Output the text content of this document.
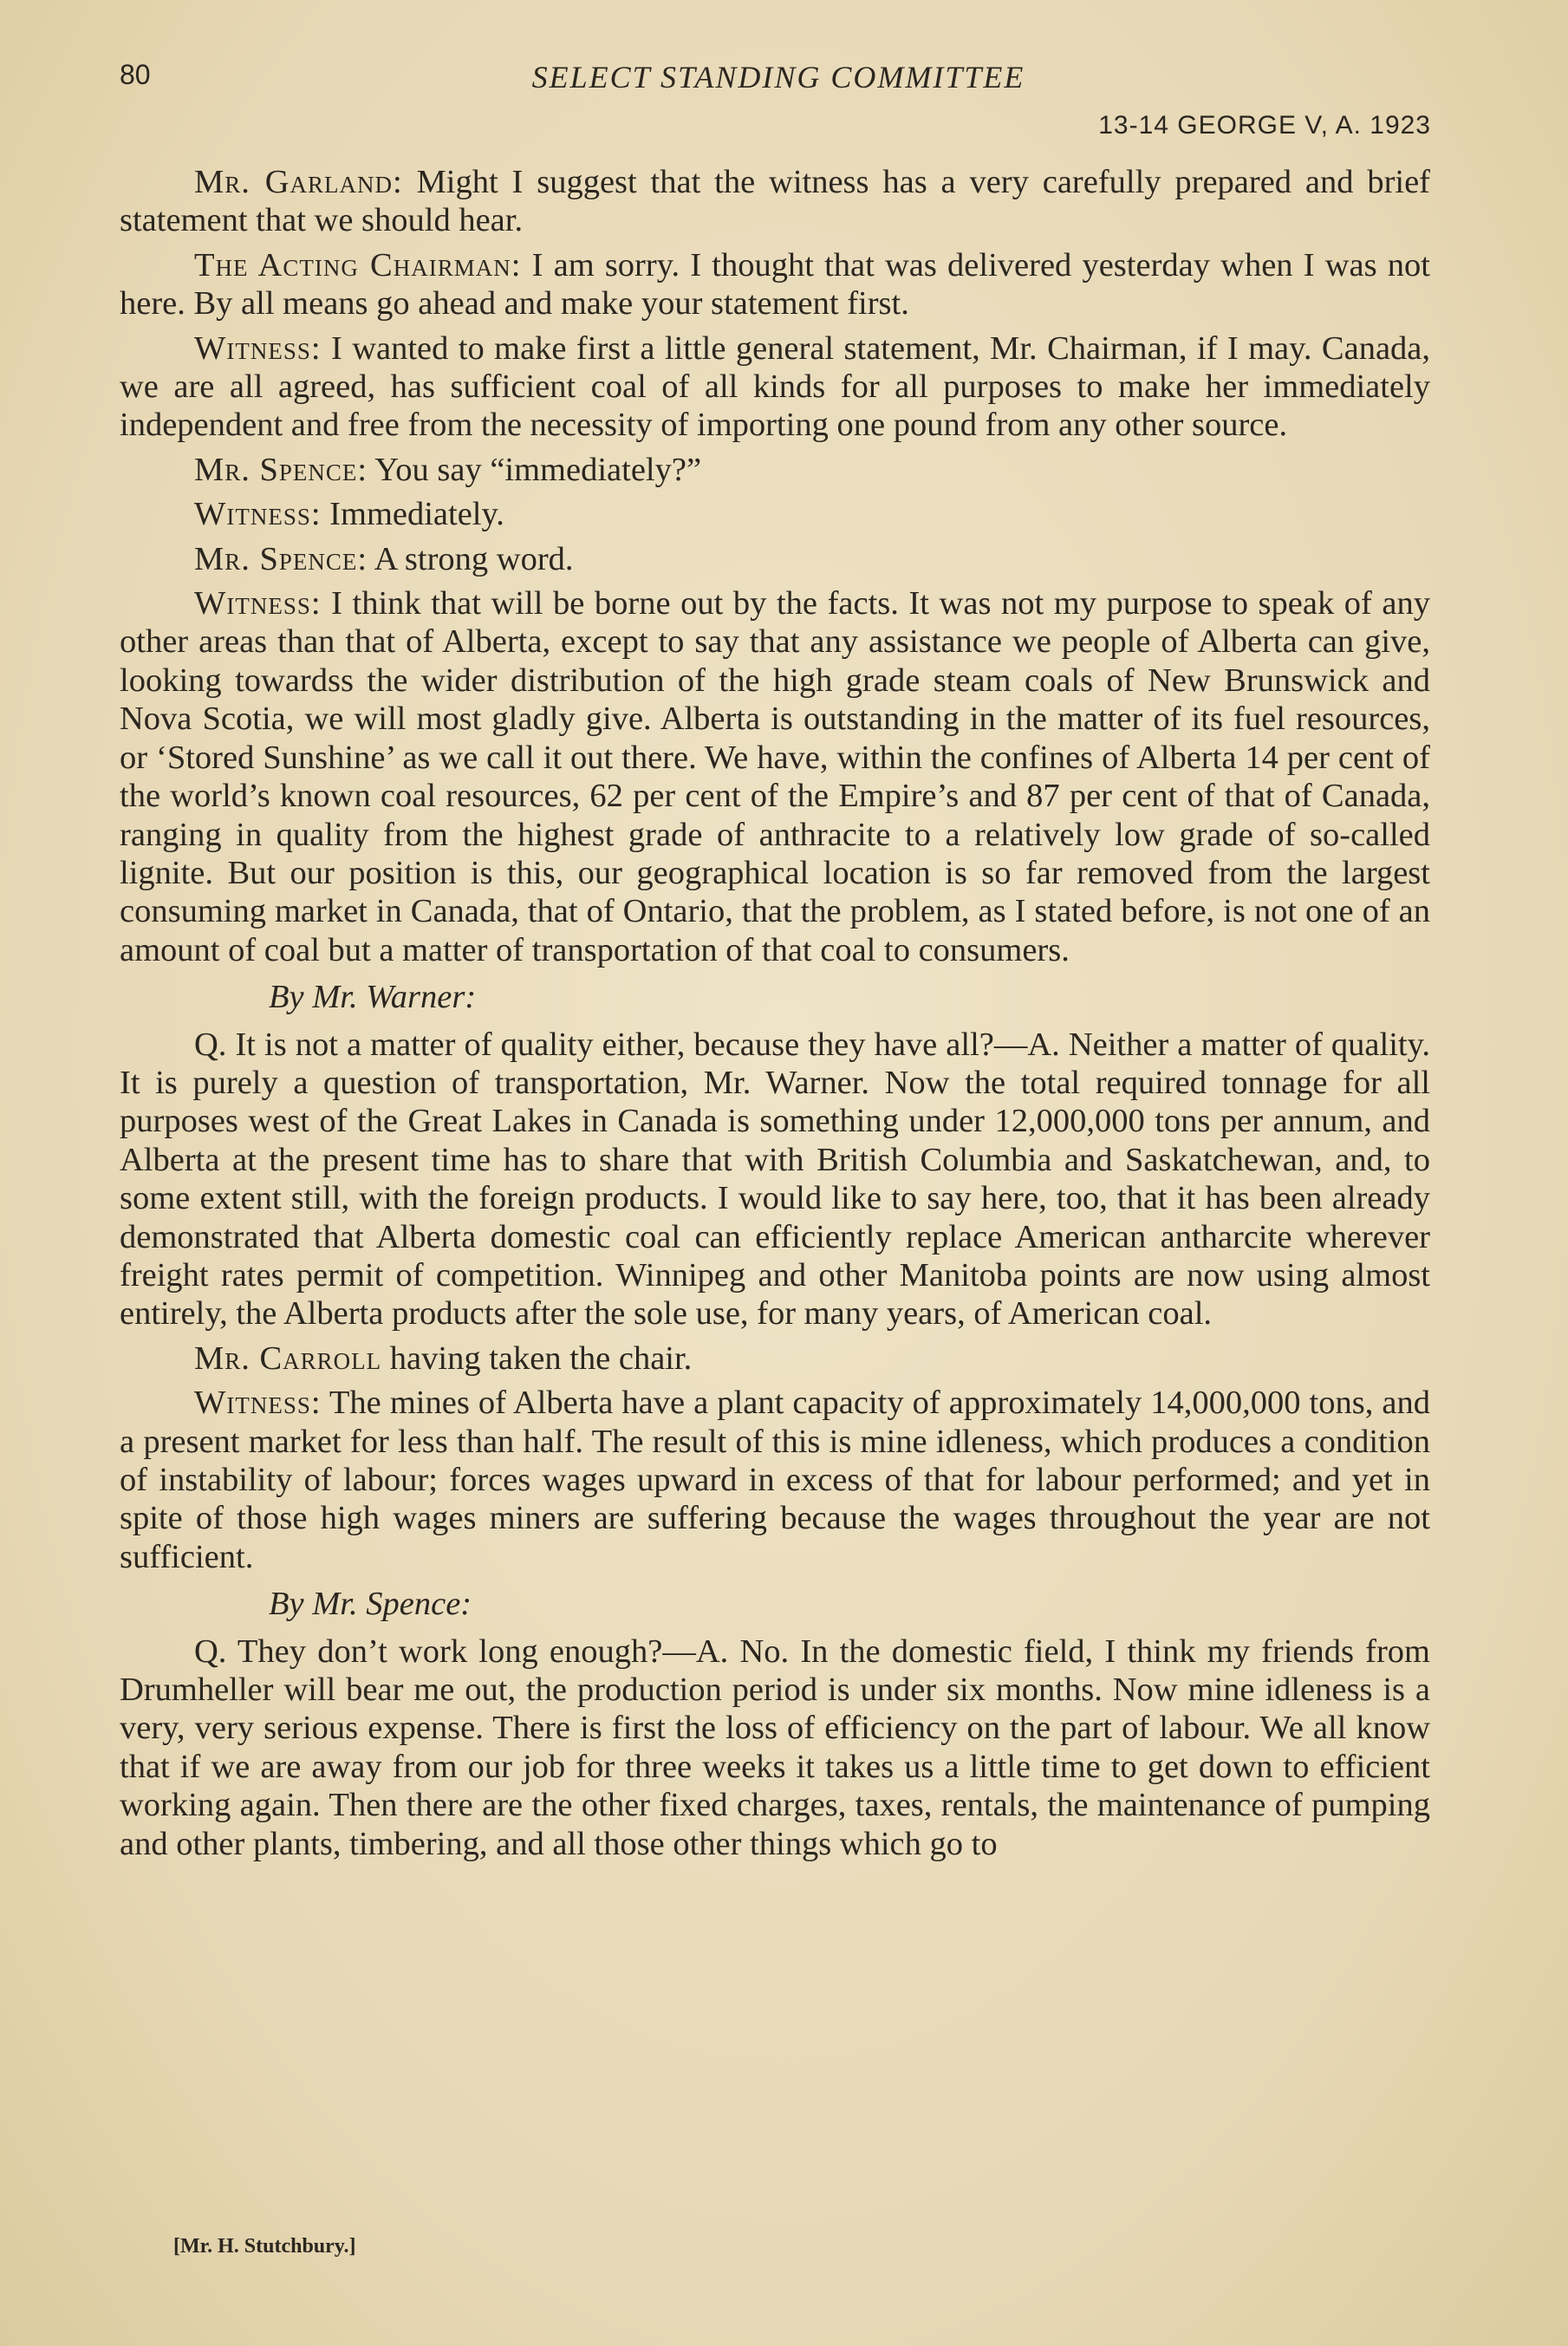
80	SELECT STANDING COMMITTEE
13-14 GEORGE V, A. 1923

Mr. Garland: Might I suggest that the witness has a very carefully prepared and brief statement that we should hear.

The Acting Chairman: I am sorry. I thought that was delivered yesterday when I was not here. By all means go ahead and make your statement first.

Witness: I wanted to make first a little general statement, Mr. Chairman, if I may. Canada, we are all agreed, has sufficient coal of all kinds for all purposes to make her immediately independent and free from the necessity of importing one pound from any other source.

Mr. Spence: You say “immediately?”

Witness: Immediately.

Mr. Spence: A strong word.

Witness: I think that will be borne out by the facts. It was not my purpose to speak of any other areas than that of Alberta, except to say that any assistance we people of Alberta can give, looking towardss the wider distribution of the high grade steam coals of New Brunswick and Nova Scotia, we will most gladly give. Alberta is outstanding in the matter of its fuel resources, or ‘Stored Sunshine’ as we call it out there. We have, within the confines of Alberta 14 per cent of the world’s known coal resources, 62 per cent of the Empire’s and 87 per cent of that of Canada, ranging in quality from the highest grade of anthracite to a relatively low grade of so-called lignite. But our position is this, our geographical location is so far removed from the largest consuming market in Canada, that of Ontario, that the problem, as I stated before, is not one of an amount of coal but a matter of transportation of that coal to consumers.

By Mr. Warner:

Q. It is not a matter of quality either, because they have all?—A. Neither a matter of quality. It is purely a question of transportation, Mr. Warner. Now the total required tonnage for all purposes west of the Great Lakes in Canada is something under 12,000,000 tons per annum, and Alberta at the present time has to share that with British Columbia and Saskatchewan, and, to some extent still, with the foreign products. I would like to say here, too, that it has been already demonstrated that Alberta domestic coal can efficiently replace American antharcite wherever freight rates permit of competition. Winnipeg and other Manitoba points are now using almost entirely, the Alberta products after the sole use, for many years, of American coal.

Mr. Carroll having taken the chair.

Witness: The mines of Alberta have a plant capacity of approximately 14,000,000 tons, and a present market for less than half. The result of this is mine idleness, which produces a condition of instability of labour; forces wages upward in excess of that for labour performed; and yet in spite of those high wages miners are suffering because the wages throughout the year are not sufficient.

By Mr. Spence:

Q. They don’t work long enough?—A. No. In the domestic field, I think my friends from Drumheller will bear me out, the production period is under six months. Now mine idleness is a very, very serious expense. There is first the loss of efficiency on the part of labour. We all know that if we are away from our job for three weeks it takes us a little time to get down to efficient working again. Then there are the other fixed charges, taxes, rentals, the maintenance of pumping and other plants, timbering, and all those other things which go to

[Mr. H. Stutchbury.]
